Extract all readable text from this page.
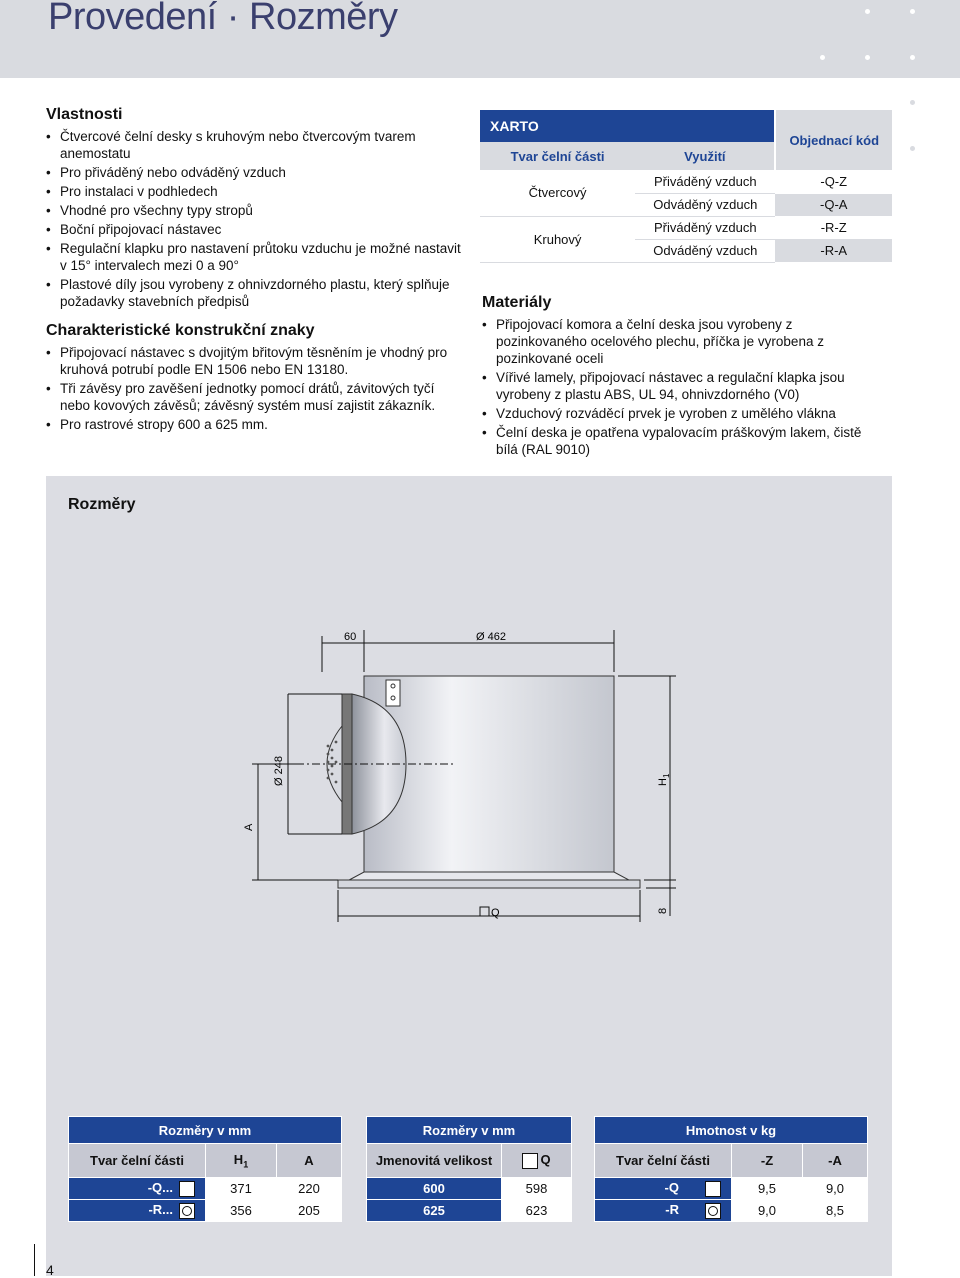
Provedení · Rozměry
Vlastnosti
• Čtvercové čelní desky s kruhovým nebo čtvercovým tvarem anemostatu
• Pro přiváděný nebo odváděný vzduch
• Pro instalaci v podhledech
• Vhodné pro všechny typy stropů
• Boční připojovací nástavec
• Regulační klapku pro nastavení průtoku vzduchu je možné nastavit v 15° intervalech mezi 0 a 90°
• Plastové díly jsou vyrobeny z ohnivzdorného plastu, který splňuje požadavky stavebních předpisů
Charakteristické konstrukční znaky
• Připojovací nástavec s dvojitým břitovým těsněním je vhodný pro kruhová potrubí podle EN 1506 nebo EN 13180.
• Tři závěsy pro zavěšení jednotky pomocí drátů, závitových tyčí nebo kovových závěsů; závěsný systém musí zajistit zákazník.
• Pro rastrové stropy 600 a 625 mm.
XARTO		Objednací kód
Tvar čelní části	Využití	
Čtvercový	Přiváděný vzduch	-Q-Z
	Odváděný vzduch	-Q-A
Kruhový	Přiváděný vzduch	-R-Z
	Odváděný vzduch	-R-A
Materiály
• Připojovací komora a čelní deska jsou vyrobeny z pozinkovaného ocelového plechu, příčka je vyrobena z pozinkované oceli
• Vířivé lamely, připojovací nástavec a regulační klapka jsou vyrobeny z plastu ABS, UL 94, ohnivzdorného (V0)
• Vzduchový rozváděcí prvek je vyroben z umělého vlákna
• Čelní deska je opatřena vypalovacím práškovým lakem, čistě bílá (RAL 9010)
Rozměry
60	Ø 462
Ø 248
A
$H_1$
8
Q
Rozměry v mm		
Tvar čelní části	$H_1$	A
-Q...	371	220
-R...	356	205
Rozměry v mm	
Jmenovitá velikost	Q
600	598
625	623
Hmotnost v kg		
Tvar čelní části	-Z	-A
-Q	9,5	9,0
-R	9,0	8,5
4
